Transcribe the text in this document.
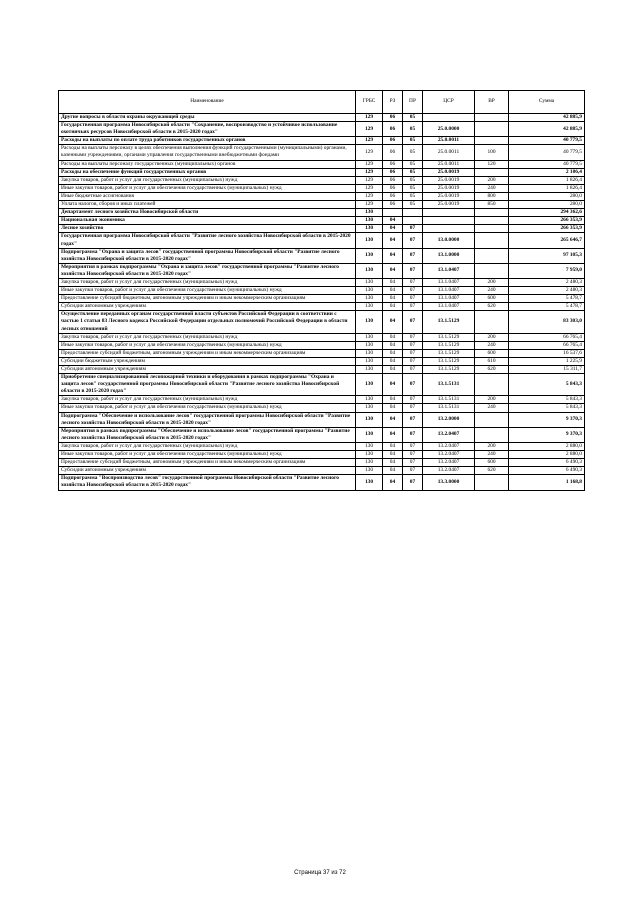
Наименование	ГРБС	РЗ	ПР	ЦСР	ВР	Сумма
Другие вопросы в области охраны окружающей среды	129	06	05			42 885,9
Государственная программа Новосибирской области "Сохранение, воспроизводство и устойчивое использование охотничьих ресурсов Новосибирской области в 2015-2020 годах"	129	06	05	25.0.0000		42 885,9
Расходы на выплаты по оплате труда работников государственных органов	129	06	05	25.0.0011		40 779,5
Расходы на выплаты персоналу в целях обеспечения выполнения функций государственными (муниципальными) органами, казенными учреждениями, органами управления государственными внебюджетными фондами	129	06	05	25.0.0011	100	40 779,5
Расходы на выплаты персоналу государственных (муниципальных) органов	129	06	05	25.0.0011	120	40 779,5
Расходы на обеспечение функций государственных органов	129	06	05	25.0.0019		2 106,4
Закупка товаров, работ и услуг для государственных (муниципальных) нужд	129	06	05	25.0.0019	200	1 826,4
Иные закупки товаров, работ и услуг для обеспечения государственных (муниципальных) нужд	129	06	05	25.0.0019	240	1 826,4
Иные бюджетные ассигнования	129	06	05	25.0.0019	800	280,0
Уплата налогов, сборов и иных платежей	129	06	05	25.0.0019	850	280,0
Департамент лесного хозяйства Новосибирской области	130					294 362,6
Национальная экономика	130	04				266 353,9
Лесное хозяйство	130	04	07			266 353,9
Государственная программа Новосибирской области "Развитие лесного хозяйства Новосибирской области в 2015-2020 годах"	130	04	07	13.0.0000		265 646,7
Подпрограмма "Охрана и защита лесов" государственной программы Новосибирской области "Развитие лесного хозяйства Новосибирской области в 2015-2020 годах"	130	04	07	13.1.0000		97 105,3
Мероприятия в рамках подпрограммы "Охрана и защита лесов" государственной программы "Развитие лесного хозяйства Новосибирской области в 2015-2020 годах"	130	04	07	13.1.0407		7 959,0
Закупка товаров, работ и услуг для государственных (муниципальных) нужд	130	04	07	13.1.0407	200	2 480,3
Иные закупки товаров, работ и услуг для обеспечения государственных (муниципальных) нужд	130	04	07	13.1.0407	240	2 480,3
Предоставление субсидий бюджетным, автономным учреждениям и иным некоммерческим организациям	130	04	07	13.1.0407	600	5 478,7
Субсидии автономным учреждениям	130	04	07	13.1.0407	620	5 478,7
Осуществление переданных органам государственной власти субъектов Российской Федерации в соответствии с частью 1 статьи 83 Лесного кодекса Российской Федерации отдельных полномочий Российской Федерации в области лесных отношений	130	04	07	13.1.5129		83 303,0
Закупка товаров, работ и услуг для государственных (муниципальных) нужд	130	04	07	13.1.5129	200	66 765,4
Иные закупки товаров, работ и услуг для обеспечения государственных (муниципальных) нужд	130	04	07	13.1.5129	240	66 765,4
Предоставление субсидий бюджетным, автономным учреждениям и иным некоммерческим организациям	130	04	07	13.1.5129	600	16 537,6
Субсидии бюджетным учреждениям	130	04	07	13.1.5129	610	1 225,9
Субсидии автономным учреждениям	130	04	07	13.1.5129	620	15 311,7
Приобретение специализированной лесопожарной техники и оборудования в рамках подпрограммы "Охрана и защита лесов" государственной программы Новосибирской области "Развитие лесного хозяйства Новосибирской области в 2015-2020 годах"	130	04	07	13.1.5131		5 843,3
Закупка товаров, работ и услуг для государственных (муниципальных) нужд	130	04	07	13.1.5131	200	5 843,3
Иные закупки товаров, работ и услуг для обеспечения государственных (муниципальных) нужд	130	04	07	13.1.5131	240	5 843,3
Подпрограмма "Обеспечение и использование лесов" государственной программы Новосибирской области "Развитие лесного хозяйства Новосибирской области в 2015-2020 годах"	130	04	07	13.2.0000		9 370,3
Мероприятия в рамках подпрограммы "Обеспечение и использование лесов" государственной программы "Развитие лесного хозяйства Новосибирской области в 2015-2020 годах"	130	04	07	13.2.0407		9 370,3
Закупка товаров, работ и услуг для государственных (муниципальных) нужд	130	04	07	13.2.0407	200	2 880,0
Иные закупки товаров, работ и услуг для обеспечения государственных (муниципальных) нужд	130	04	07	13.2.0407	240	2 880,0
Предоставление субсидий бюджетным, автономным учреждениям и иным некоммерческим организациям	130	04	07	13.2.0407	600	6 490,3
Субсидии автономным учреждениям	130	04	07	13.2.0407	620	6 490,3
Подпрограмма "Воспроизводство лесов" государственной программы Новосибирской области "Развитие лесного хозяйства Новосибирской области в 2015-2020 годах"	130	04	07	13.3.0000		1 168,8
Страница 37 из 72
